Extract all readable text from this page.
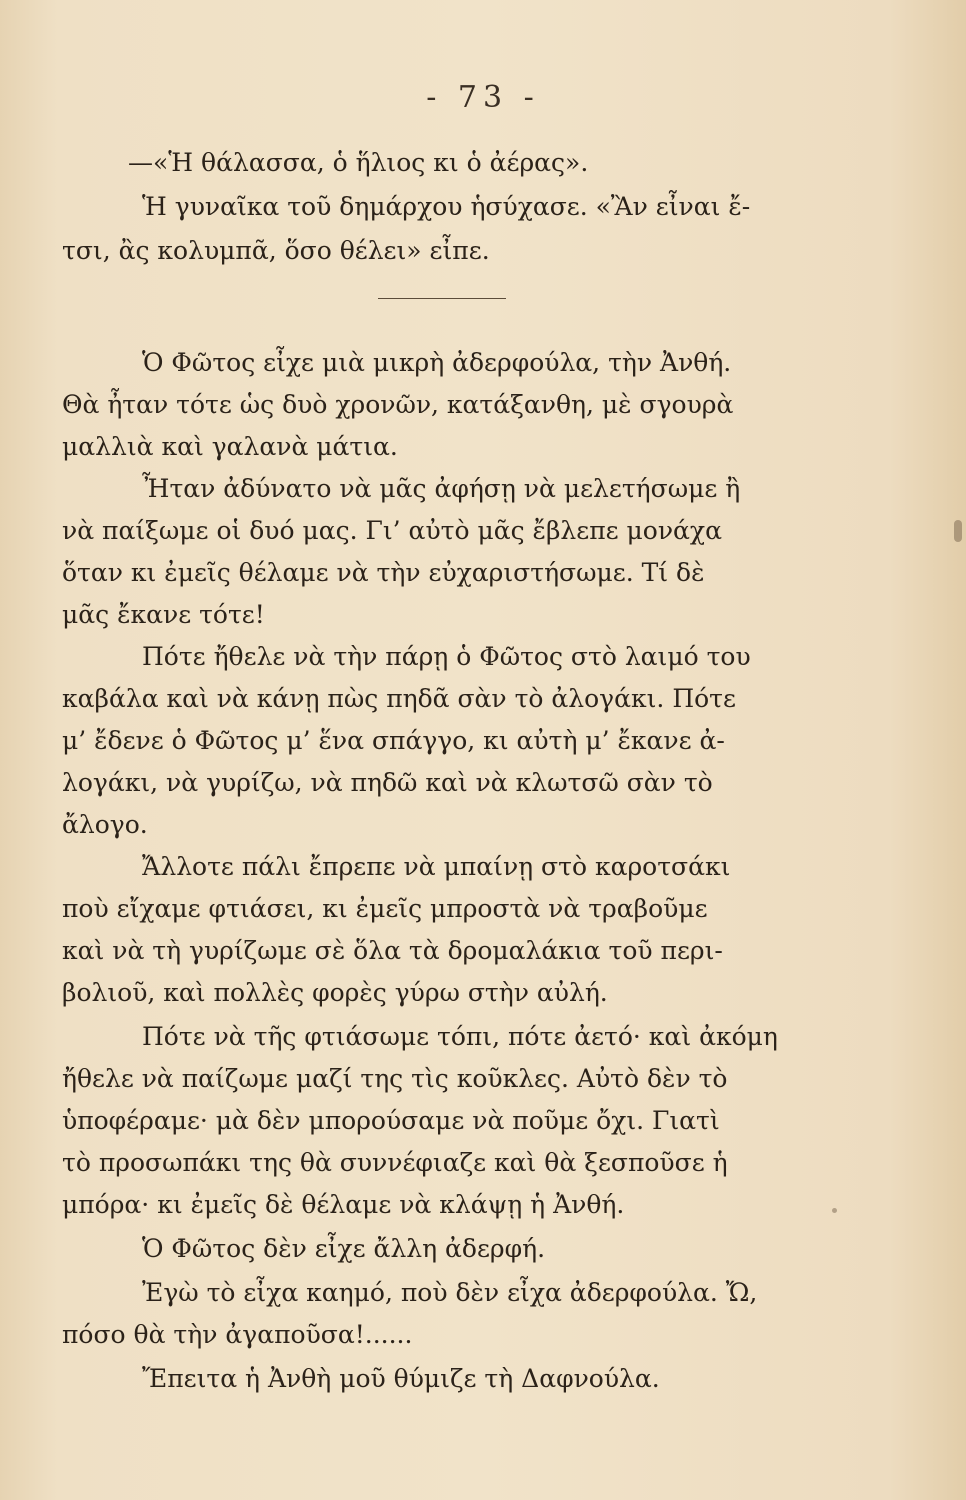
- 73 -
—«Ἡ θάλασσα, ὁ ἥλιος κι ὁ ἀέρας».
Ἡ γυναῖκα τοῦ δημάρχου ἡσύχασε. «Ἂν εἶναι ἔ-
τσι, ἂς κολυμπᾶ, ὅσο θέλει» εἶπε.
Ὁ Φῶτος εἶχε μιὰ μικρὴ ἀδερφούλα, τὴν Ἀνθή.
Θὰ ἦταν τότε ὡς δυὸ χρονῶν, κατάξανθη, μὲ σγουρὰ
μαλλιὰ καὶ γαλανὰ μάτια.
Ἦταν ἀδύνατο νὰ μᾶς ἀφήσῃ νὰ μελετήσωμε ἢ
νὰ παίξωμε οἱ δυό μας. Γι’ αὐτὸ μᾶς ἔβλεπε μονάχα
ὅταν κι ἐμεῖς θέλαμε νὰ τὴν εὐχαριστήσωμε. Τί δὲ
μᾶς ἔκανε τότε!
Πότε ἤθελε νὰ τὴν πάρῃ ὁ Φῶτος στὸ λαιμό του
καβάλα καὶ νὰ κάνῃ πὼς πηδᾶ σὰν τὸ ἀλογάκι. Πότε
μ’ ἔδενε ὁ Φῶτος μ’ ἕνα σπάγγο, κι αὐτὴ μ’ ἔκανε ἀ-
λογάκι, νὰ γυρίζω, νὰ πηδῶ καὶ νὰ κλωτσῶ σὰν τὸ
ἄλογο.
Ἄλλοτε πάλι ἔπρεπε νὰ μπαίνῃ στὸ καροτσάκι
ποὺ εἴχαμε φτιάσει, κι ἐμεῖς μπροστὰ νὰ τραβοῦμε
καὶ νὰ τὴ γυρίζωμε σὲ ὅλα τὰ δρομαλάκια τοῦ περι-
βολιοῦ, καὶ πολλὲς φορὲς γύρω στὴν αὐλή.
Πότε νὰ τῆς φτιάσωμε τόπι, πότε ἀετό· καὶ ἀκόμη
ἤθελε νὰ παίζωμε μαζί της τὶς κοῦκλες. Αὐτὸ δὲν τὸ
ὑποφέραμε· μὰ δὲν μπορούσαμε νὰ ποῦμε ὄχι. Γιατὶ
τὸ προσωπάκι της θὰ συννέφιαζε καὶ θὰ ξεσποῦσε ἡ
μπόρα· κι ἐμεῖς δὲ θέλαμε νὰ κλάψῃ ἡ Ἀνθή.
Ὁ Φῶτος δὲν εἶχε ἄλλη ἀδερφή.
Ἐγὼ τὸ εἶχα καημό, ποὺ δὲν εἶχα ἀδερφούλα. Ὤ,
πόσο θὰ τὴν ἀγαποῦσα!......
Ἔπειτα ἡ Ἀνθὴ μοῦ θύμιζε τὴ Δαφνούλα.
